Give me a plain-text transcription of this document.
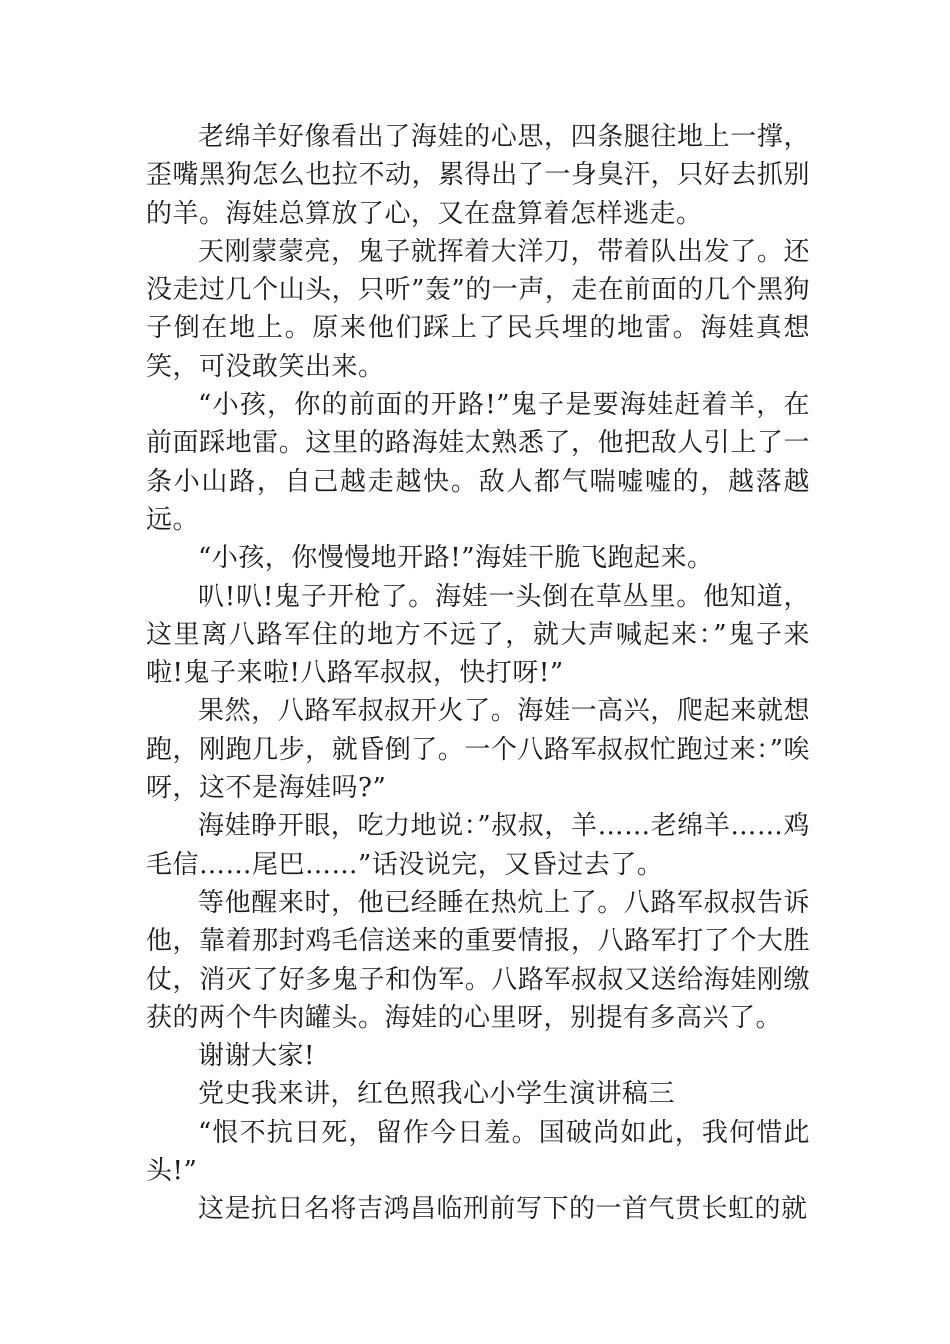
老绵羊好像看出了海娃的心思，四条腿往地上一撑，歪嘴黑狗怎么也拉不动，累得出了一身臭汗，只好去抓别的羊。海娃总算放了心，又在盘算着怎样逃走。

天刚蒙蒙亮，鬼子就挥着大洋刀，带着队出发了。还没走过几个山头，只听”轰”的一声，走在前面的几个黑狗子倒在地上。原来他们踩上了民兵埋的地雷。海娃真想笑，可没敢笑出来。

“小孩，你的前面的开路!”鬼子是要海娃赶着羊，在前面踩地雷。这里的路海娃太熟悉了，他把敌人引上了一条小山路，自己越走越快。敌人都气喘嘘嘘的，越落越远。

“小孩，你慢慢地开路!”海娃干脆飞跑起来。

叭!叭!鬼子开枪了。海娃一头倒在草丛里。他知道，这里离八路军住的地方不远了，就大声喊起来：”鬼子来啦!鬼子来啦!八路军叔叔，快打呀!”

果然，八路军叔叔开火了。海娃一高兴，爬起来就想跑，刚跑几步，就昏倒了。一个八路军叔叔忙跑过来：”唉呀，这不是海娃吗?”

海娃睁开眼，吃力地说：”叔叔，羊……老绵羊……鸡毛信……尾巴……”话没说完，又昏过去了。

等他醒来时，他已经睡在热炕上了。八路军叔叔告诉他，靠着那封鸡毛信送来的重要情报，八路军打了个大胜仗，消灭了好多鬼子和伪军。八路军叔叔又送给海娃刚缴获的两个牛肉罐头。海娃的心里呀，别提有多高兴了。

谢谢大家!

党史我来讲，红色照我心小学生演讲稿三

“恨不抗日死，留作今日羞。国破尚如此，我何惜此头!”

这是抗日名将吉鸿昌临刑前写下的一首气贯长虹的就
